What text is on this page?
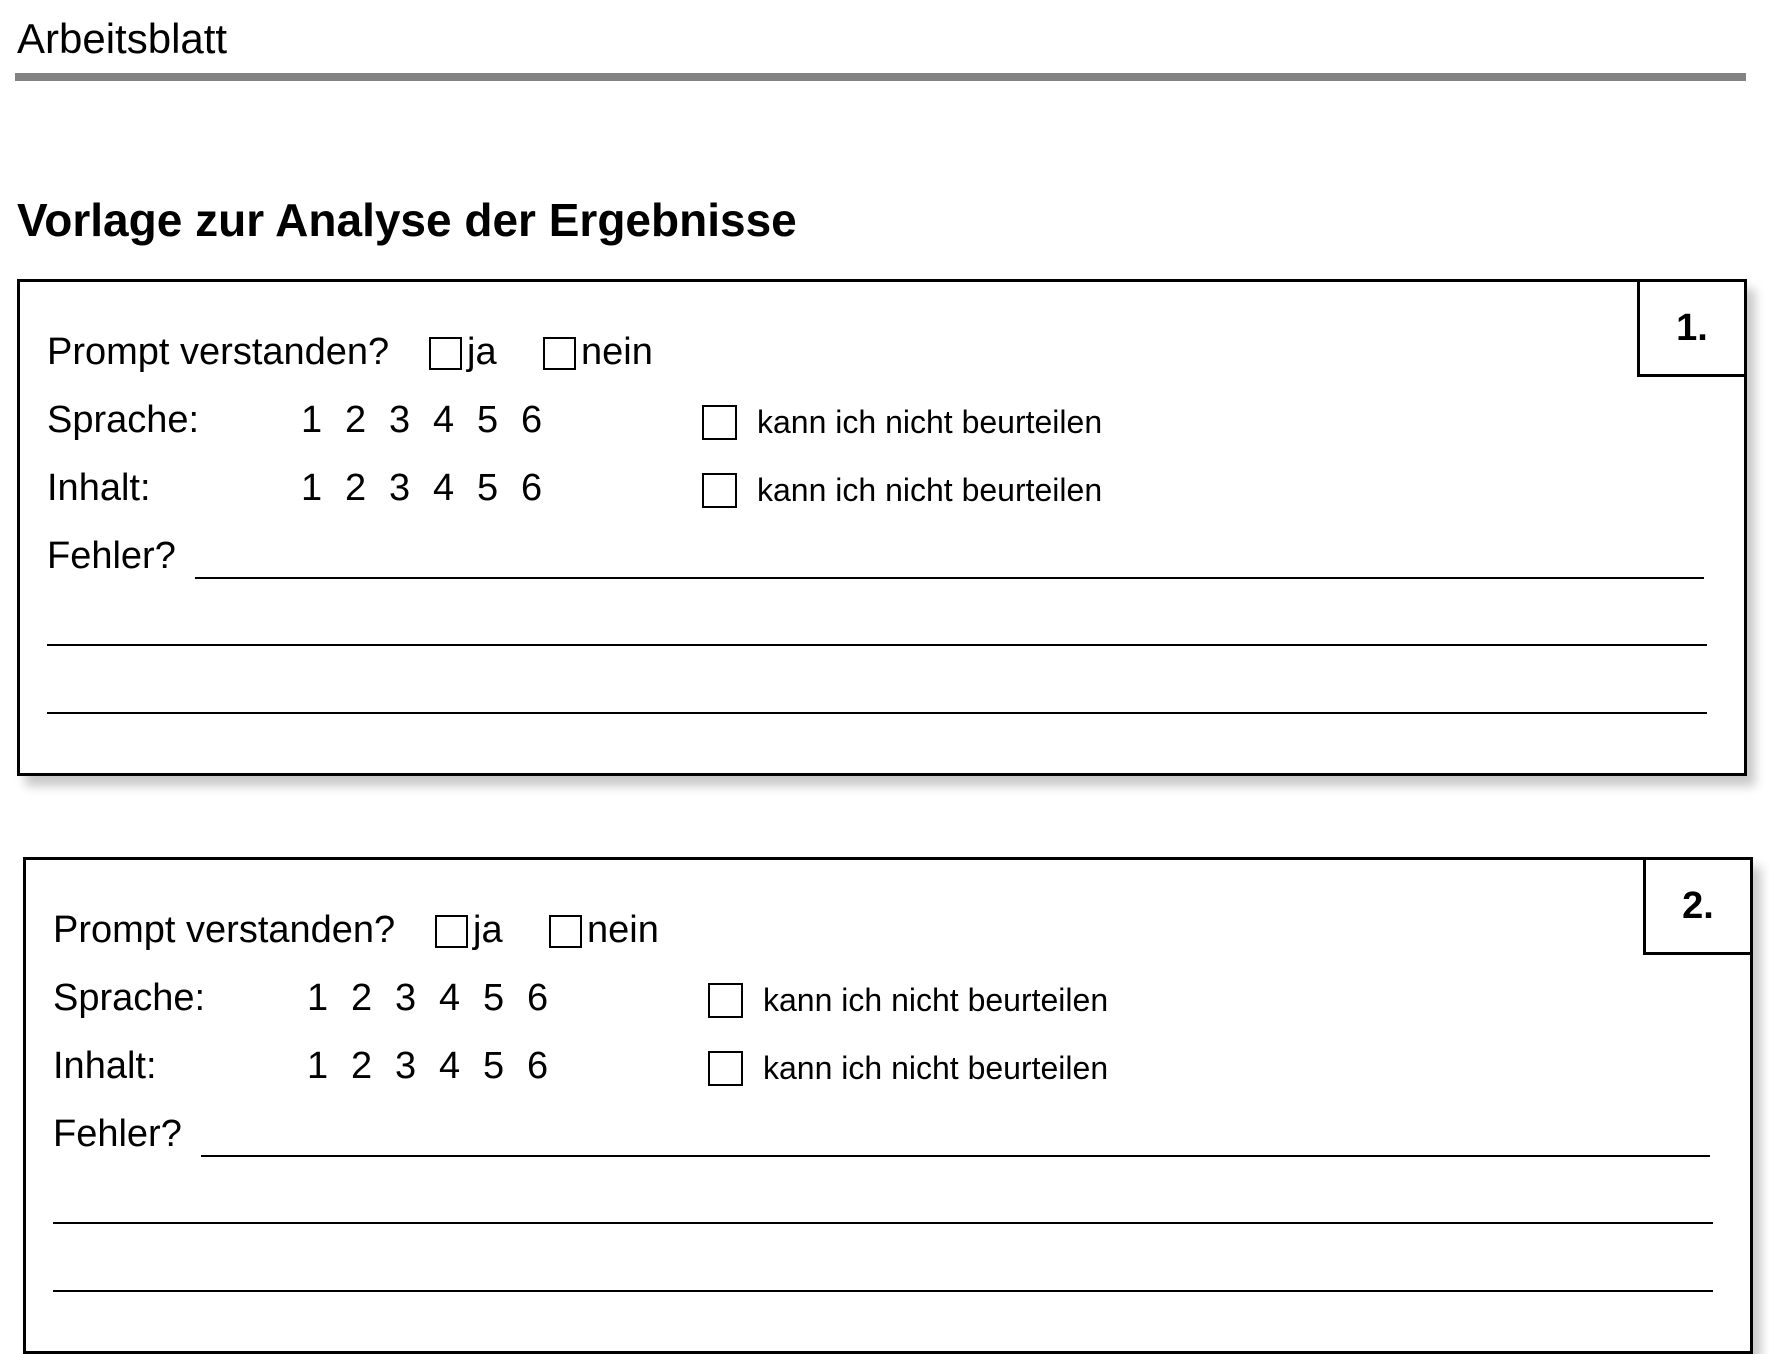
Arbeitsblatt
Vorlage zur Analyse der Ergebnisse
1.
Prompt verstanden? ja nein
Sprache:	1 2 3 4 5 6	kann ich nicht beurteilen
Inhalt:	1 2 3 4 5 6	kann ich nicht beurteilen
Fehler?
2.
Prompt verstanden? ja nein
Sprache:	1 2 3 4 5 6	kann ich nicht beurteilen
Inhalt:	1 2 3 4 5 6	kann ich nicht beurteilen
Fehler?
